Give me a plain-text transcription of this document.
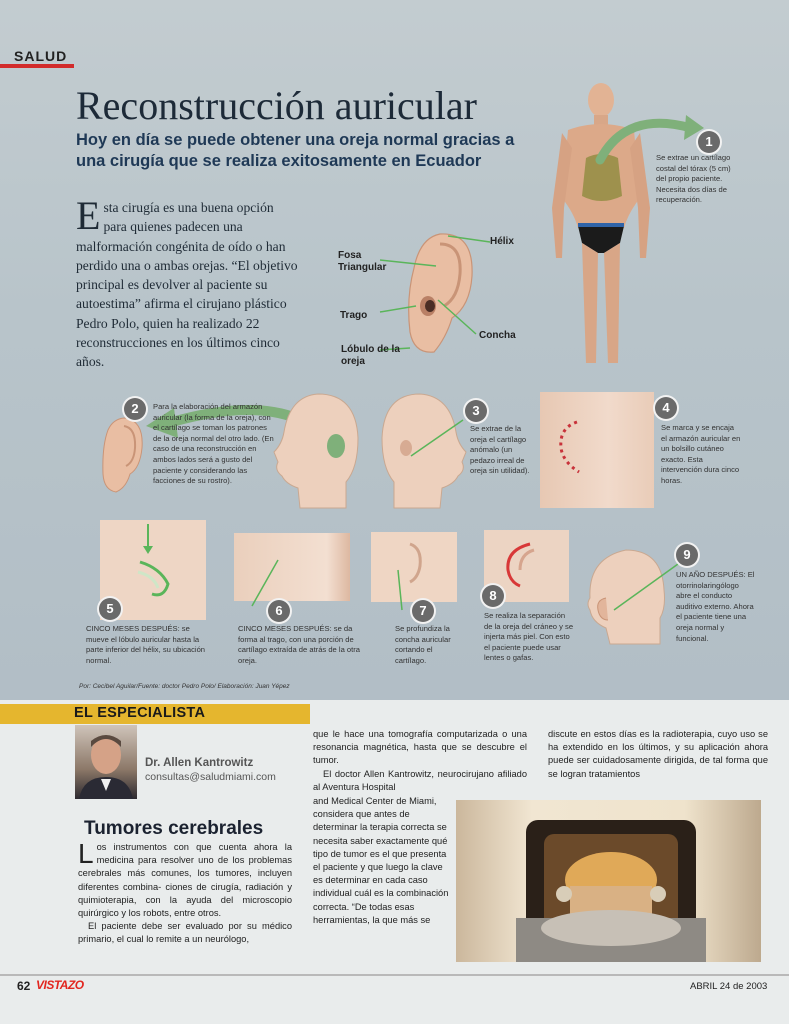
SALUD
Reconstrucción auricular
Hoy en día se puede obtener una oreja normal gracias a una cirugía que se realiza exitosamente en Ecuador
Esta cirugía es una buena opción para quienes padecen una malformación congénita de oído o han perdido una o ambas orejas. “El objetivo principal es devolver al paciente su autoestima” afirma el cirujano plástico Pedro Polo, quien ha realizado 22 reconstrucciones en los últimos cinco años.
1
Se extrae un cartílago costal del tórax (5 cm) del propio paciente. Necesita dos días de recuperación.
Fosa Triangular
Hélix
Trago
Concha
Lóbulo de la oreja
2	Para la elaboración del armazón auricular (la forma de la oreja), con el cartílago se toman los patrones de la oreja normal del otro lado. (En caso de una reconstrucción en ambos lados será a gusto del paciente y considerando las facciones de su rostro).
3
Se extrae de la oreja el cartílago anómalo (un pedazo irreal de oreja sin utilidad).
4
Se marca y se encaja el armazón auricular en un bolsillo cutáneo exacto. Esta intervención dura cinco horas.
5
CINCO MESES DESPUÉS: se mueve el lóbulo auricular hasta la parte inferior del hélix, su ubicación normal.
6
CINCO MESES DESPUÉS: se da forma al trago, con una porción de cartílago extraída de atrás de la otra oreja.
7
Se profundiza la concha auricular cortando el cartílago.
8
Se realiza la separación de la oreja del cráneo y se injerta más piel. Con esto el paciente puede usar lentes o gafas.
9
UN AÑO DESPUÉS: El otorrinolaringólogo abre el conducto auditivo externo. Ahora el paciente tiene una oreja normal y funcional.
Por: Cecibel Aguilar/Fuente: doctor Pedro Polo/ Elaboración: Juan Yépez
EL ESPECIALISTA
Dr. Allen Kantrowitz
consultas@saludmiami.com
Tumores cerebrales

Los instrumentos con que cuenta ahora la medicina para resolver uno de los problemas cerebrales más comunes, los tumores, incluyen diferentes combina- ciones de cirugía, radiación y quimioterapia, con la ayuda del microscopio quirúrgico y los robots, entre otros.

El paciente debe ser evaluado por su médico primario, el cual lo remite a un neurólogo,

que le hace una tomografía computarizada o una resonancia magnética, hasta que se descubre el tumor.

El doctor Allen Kantrowitz, neurocirujano afiliado al Aventura Hospital

and Medical Center de Miami, considera que antes de determinar la terapia correcta se necesita saber exactamente qué tipo de tumor es el que presenta el paciente y que luego la clave es determinar en cada caso individual cuál es la combinación correcta. “De todas esas herramientas, la que más se

discute en estos días es la radioterapia, cuyo uso se ha extendido en los últimos, y su aplicación ahora puede ser cuidadosamente dirigida, de tal forma que se logran tratamientos

62 VISTAZO	ABRIL 24 de 2003
